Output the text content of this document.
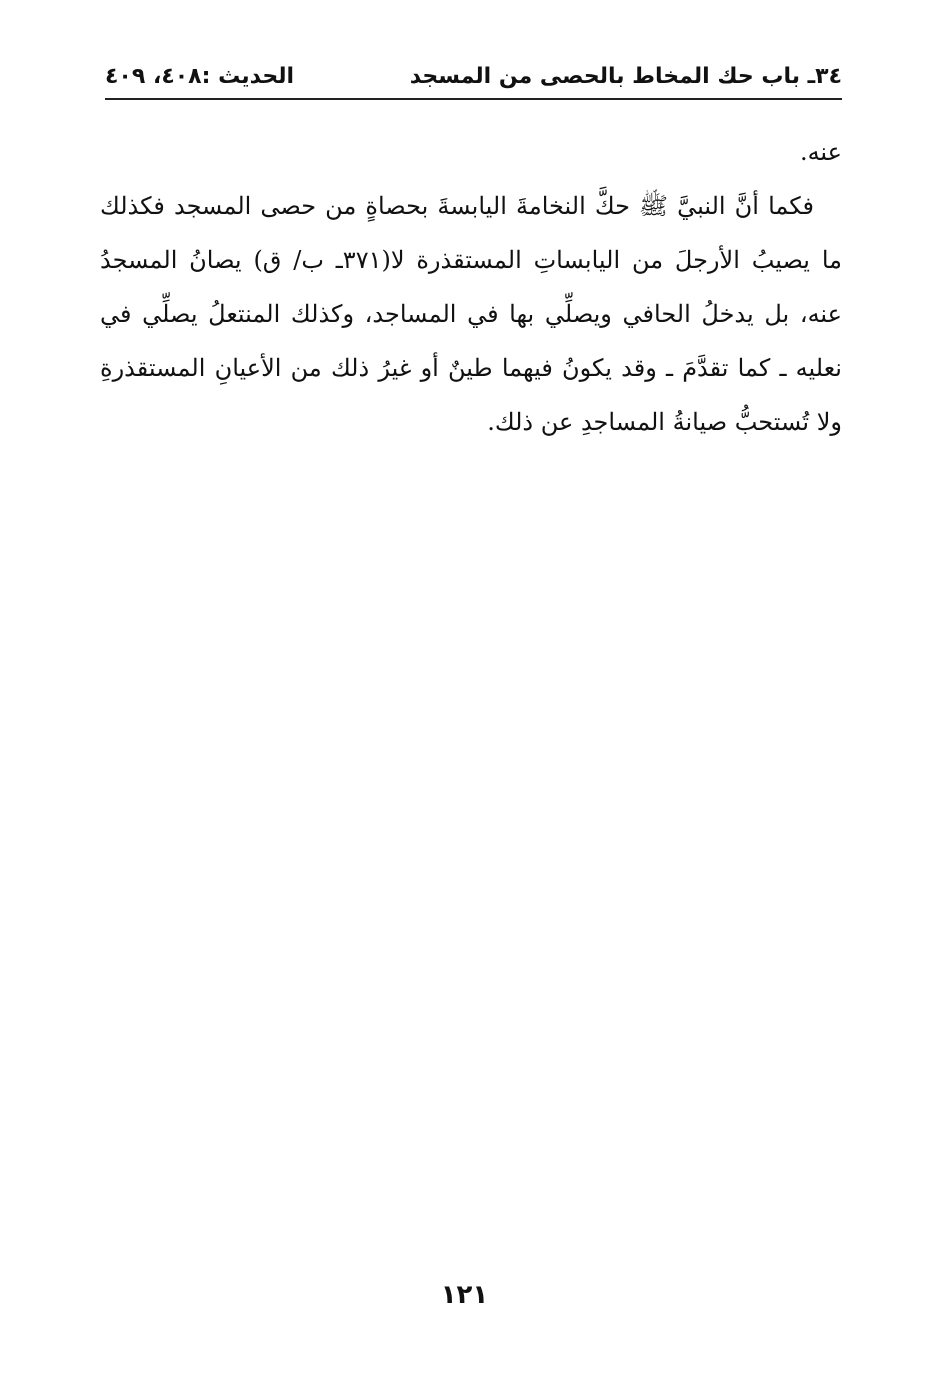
٣٤ـ باب حك المخاط بالحصى من المسجد
الحديث :٤٠٨، ٤٠٩

عنه.

فكما أنَّ النبيَّ ﷺ حكَّ النخامةَ اليابسةَ بحصاةٍ من حصى المسجد فكذلك ما يصيبُ الأرجلَ من اليابساتِ المستقذرة لا(٣٧١ـ ب/ ق) يصانُ المسجدُ عنه، بل يدخلُ الحافي ويصلِّي بها في المساجد، وكذلك المنتعلُ يصلِّي في نعليه ـ كما تقدَّمَ ـ وقد يكونُ فيهما طينٌ أو غيرُ ذلك من الأعيانِ المستقذرةِ ولا تُستحبُّ صيانةُ المساجدِ عن ذلك.

١٢١
